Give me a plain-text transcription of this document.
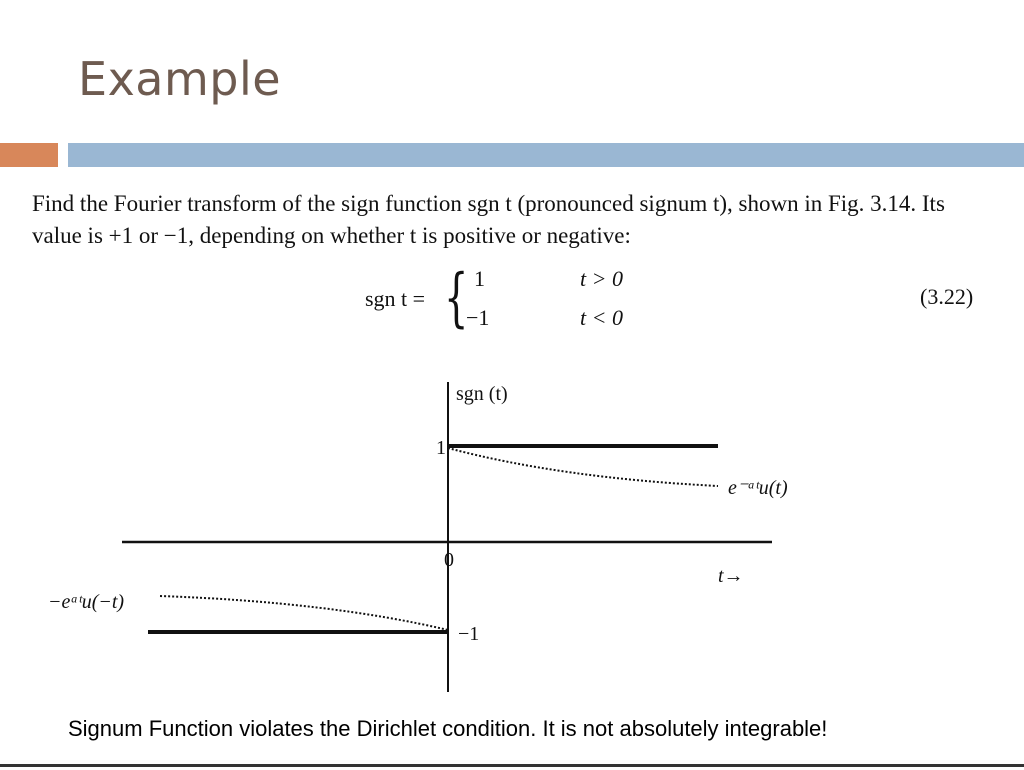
Example
Find the Fourier transform of the sign function sgn t (pronounced signum t), shown in Fig. 3.14. Its value is +1 or −1, depending on whether t is positive or negative:
sgn t = { 1
−1
t > 0
t < 0
(3.22)
sgn (t)
1
0
−1
t→
e⁻ᵃᵗu(t)
−eᵃᵗu(−t)
Signum Function violates the Dirichlet condition. It is not absolutely integrable!
